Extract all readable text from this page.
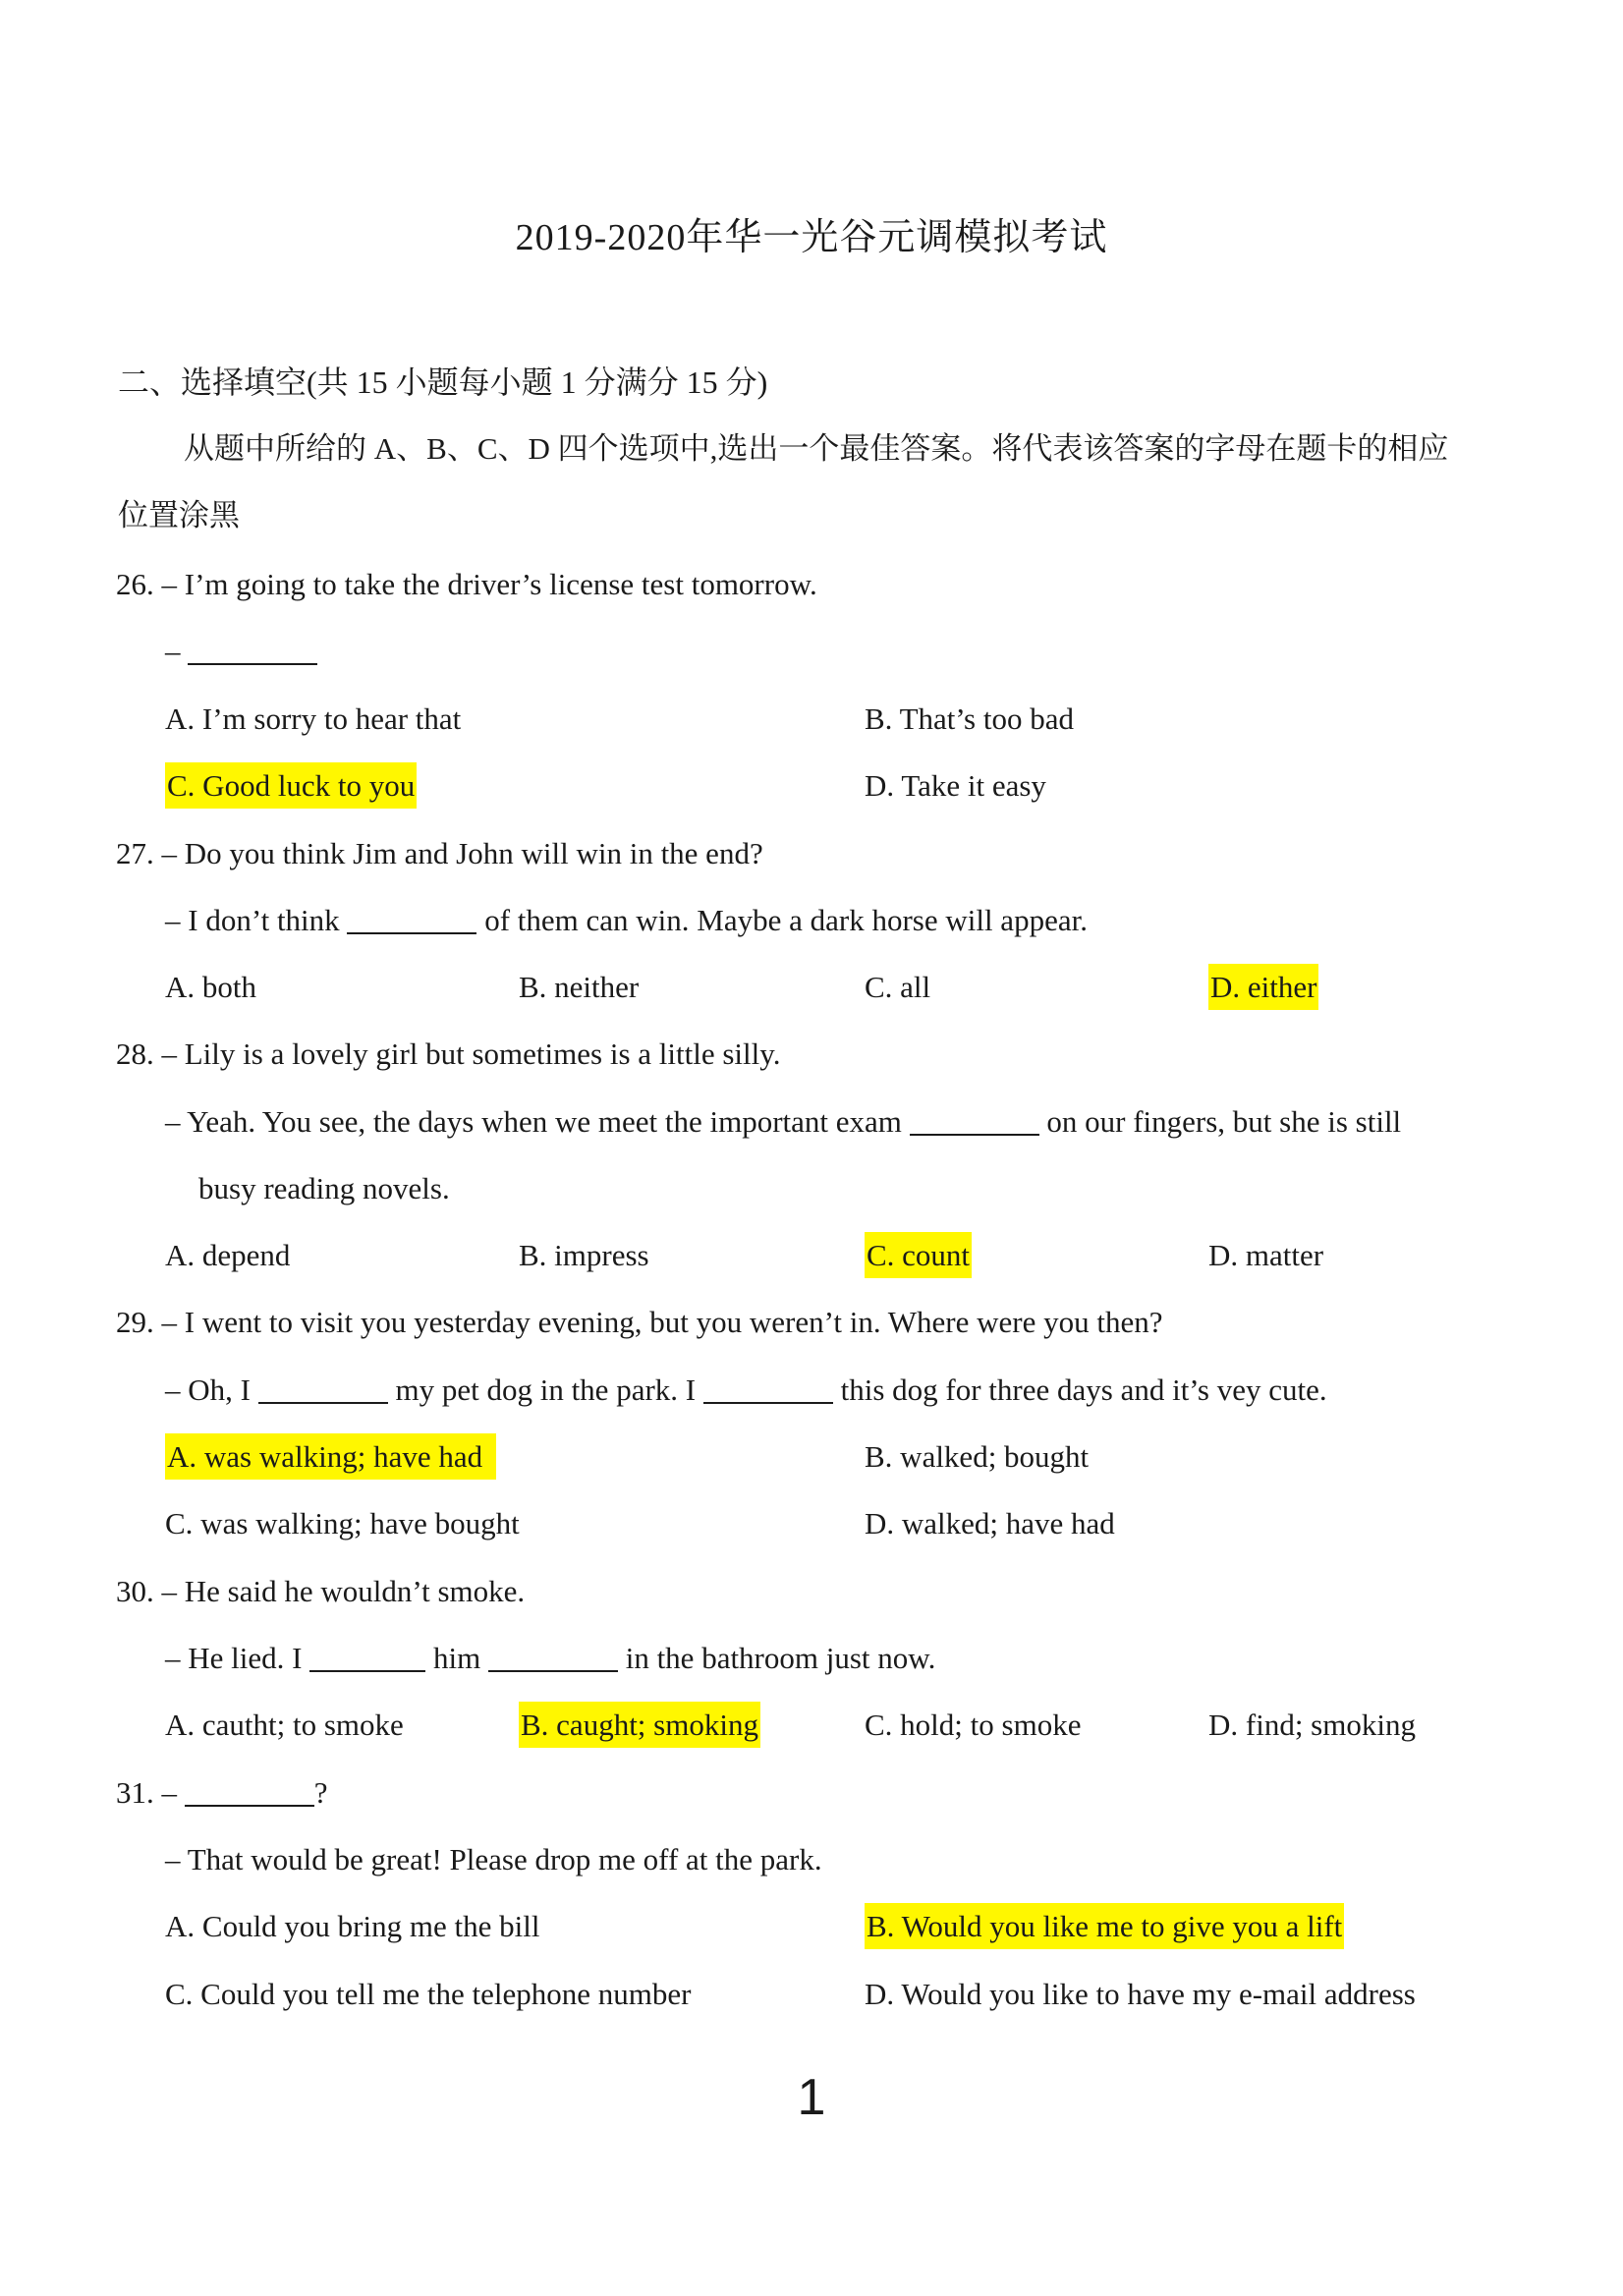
2019-2020年华一光谷元调模拟考试
二、选择填空(共 15 小题每小题 1 分满分 15 分)
从题中所给的 A、B、C、D 四个选项中,选出一个最佳答案。将代表该答案的字母在题卡的相应
位置涂黑
26. – I’m going to take the driver’s license test tomorrow.
–
A. I’m sorry to hear that	B. That’s too bad
C. Good luck to you	D. Take it easy
27. – Do you think Jim and John will win in the end?
– I don’t think	of them can win. Maybe a dark horse will appear.
A. both	B. neither	C. all	D. either
28. – Lily is a lovely girl but sometimes is a little silly.
– Yeah. You see, the days when we meet the important exam	on our fingers, but she is still
busy reading novels.
A. depend	B. impress	C. count	D. matter
29. – I went to visit you yesterday evening, but you weren’t in. Where were you then?
– Oh, I	my pet dog in the park. I	this dog for three days and it’s vey cute.
A. was walking; have had	B. walked; bought
C. was walking; have bought	D. walked; have had
30. – He said he wouldn’t smoke.
– He lied. I	him	in the bathroom just now.
A. cautht; to smoke	B. caught; smoking	C. hold; to smoke	D. find; smoking
31. –	?
– That would be great! Please drop me off at the park.
A. Could you bring me the bill	B. Would you like me to give you a lift
C. Could you tell me the telephone number	D. Would you like to have my e-mail address
1
